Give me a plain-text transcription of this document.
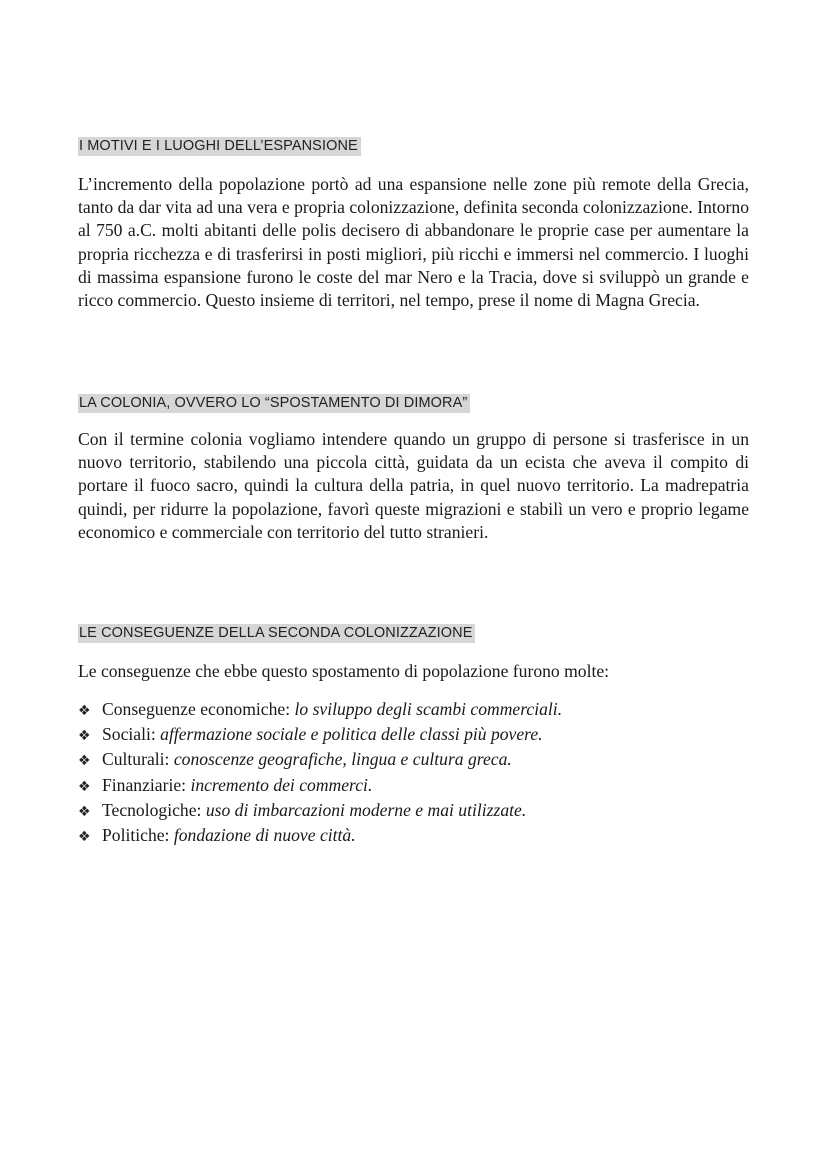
I MOTIVI E I LUOGHI DELL’ESPANSIONE

L’incremento della popolazione portò ad una espansione nelle zone più remote della Grecia, tanto da dar vita ad una vera e propria colonizzazione, definita seconda colonizzazione. Intorno al 750 a.C. molti abitanti delle polis decisero di abbandonare le proprie case per aumentare la propria ricchezza e di trasferirsi in posti migliori, più ricchi e immersi nel commercio. I luoghi di massima espansione furono le coste del mar Nero e la Tracia, dove si sviluppò un grande e ricco commercio. Questo insieme di territori, nel tempo, prese il nome di Magna Grecia.

LA COLONIA, OVVERO LO “SPOSTAMENTO DI DIMORA”

Con il termine colonia vogliamo intendere quando un gruppo di persone si trasferisce in un nuovo territorio, stabilendo una piccola città, guidata da un ecista che aveva il compito di portare il fuoco sacro, quindi la cultura della patria, in quel nuovo territorio. La madrepatria quindi, per ridurre la popolazione, favorì queste migrazioni e stabilì un vero e proprio legame economico e commerciale con territorio del tutto stranieri.

LE CONSEGUENZE DELLA SECONDA COLONIZZAZIONE

Le conseguenze che ebbe questo spostamento di popolazione furono molte:

❖ Conseguenze economiche: lo sviluppo degli scambi commerciali.
❖ Sociali: affermazione sociale e politica delle classi più povere.
❖ Culturali: conoscenze geografiche, lingua e cultura greca.
❖ Finanziarie: incremento dei commerci.
❖ Tecnologiche: uso di imbarcazioni moderne e mai utilizzate.
❖ Politiche: fondazione di nuove città.
